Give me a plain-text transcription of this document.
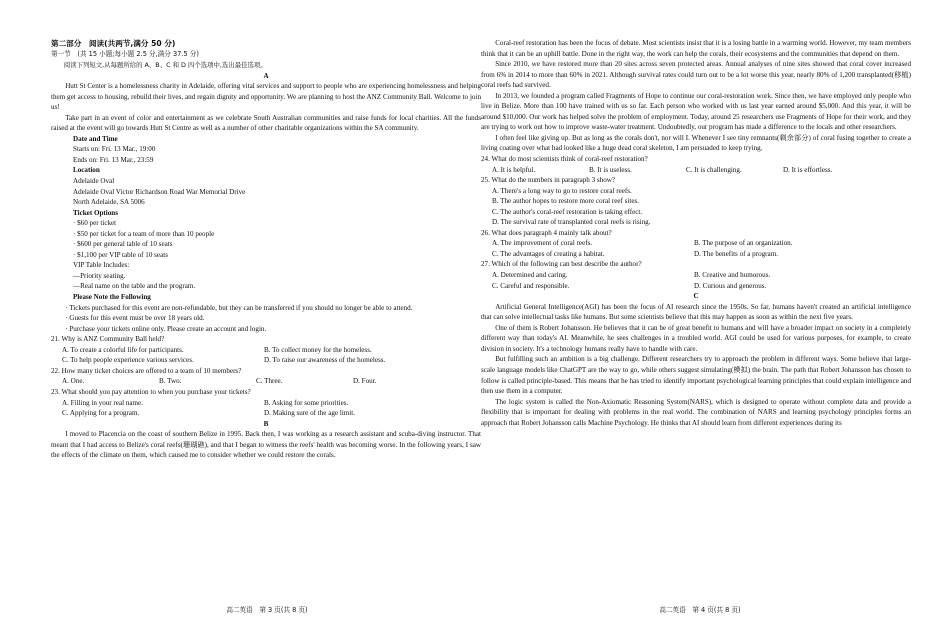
第二部分　阅读(共两节,满分 50 分)
第一节　(共 15 小题;每小题 2.5 分,满分 37.5 分)
阅读下列短文,从每题所给的 A、B、C 和 D 四个选项中,选出最佳选项。
A
Hutt St Center is a homelessness charity in Adelaide, offering vital services and support to people who are experiencing homelessness and helping them get access to housing, rebuild their lives, and regain dignity and opportunity. We are planning to host the ANZ Community Ball. Welcome to join us!
Take part in an event of color and entertainment as we celebrate South Australian communities and raise funds for local charities. All the funds raised at the event will go towards Hutt St Centre as well as a number of other charitable organizations within the SA community.
Date and Time
Starts on: Fri. 13 Mar., 19:00
Ends on: Fri. 13 Mar., 23:59
Location
Adelaide Oval
Adelaide Oval Victor Richardson Road War Memorial Drive
North Adelaide, SA 5006
Ticket Options
· $60 per ticket
· $50 per ticket for a team of more than 10 people
· $600 per general table of 10 seats
· $1,100 per VIP table of 10 seats
VIP Table Includes:
—Priority seating.
—Real name on the table and the program.
Please Note the Following
· Tickets purchased for this event are non-refundable, but they can be transferred if you should no longer be able to attend.
· Guests for this event must be over 18 years old.
· Purchase your tickets online only. Please create an account and login.
21. Why is ANZ Community Ball held?
A. To create a colorful life for participants.	B. To collect money for the homeless.
C. To help people experience various services.	D. To raise our awareness of the homeless.
22. How many ticket choices are offered to a team of 10 members?
A. One.	B. Two.	C. Three.	D. Four.
23. What should you pay attention to when you purchase your tickets?
A. Filling in your real name.	B. Asking for some priorities.
C. Applying for a program.	D. Making sure of the age limit.
B
I moved to Placencia on the coast of southern Belize in 1995. Back then, I was working as a research assistant and scuba-diving instructor. That meant that I had access to Belize's coral reefs(珊瑚礁), and that I began to witness the reefs' health was becoming worse. In the following years, I saw the effects of the climate on them, which caused me to consider whether we could restore the corals.
Coral-reef restoration has been the focus of debate. Most scientists insist that it is a losing battle in a warming world. However, my team members think that it can be an uphill battle. Done in the right way, the work can help the corals, their ecosystems and the communities that depend on them.
Since 2010, we have restored more than 20 sites across seven protected areas. Annual analyses of nine sites showed that coral cover increased from 6% in 2014 to more than 60% in 2021. Although survival rates could turn out to be a lot worse this year, nearly 80% of 1,200 transplanted(移植) coral reefs had survived.
In 2013, we founded a program called Fragments of Hope to continue our coral-restoration work. Since then, we have employed only people who live in Belize. More than 100 have trained with us so far. Each person who worked with us last year earned around $5,000. And this year, it will be around $10,000. Our work has helped solve the problem of employment. Today, around 25 researchers use Fragments of Hope for their work, and they are trying to work out how to improve waste-water treatment. Undoubtedly, our program has made a difference to the locals and other researchers.
I often feel like giving up. But as long as the corals don't, nor will I. Whenever I see tiny remnants(剩余部分) of coral fusing together to create a living coating over what had looked like a huge dead coral skeleton, I am persuaded to keep trying.
24. What do most scientists think of coral-reef restoration?
A. It is helpful.	B. It is useless.	C. It is challenging.	D. It is effortless.
25. What do the numbers in paragraph 3 show?
A. There's a long way to go to restore coral reefs.
B. The author hopes to restore more coral reef sites.
C. The author's coral-reef restoration is taking effect.
D. The survival rate of transplanted coral reefs is rising.
26. What does paragraph 4 mainly talk about?
A. The improvement of coral reefs.	B. The purpose of an organization.
C. The advantages of creating a habitat.	D. The benefits of a program.
27. Which of the following can best describe the author?
A. Determined and caring.	B. Creative and humorous.
C. Careful and responsible.	D. Curious and generous.
C
Artificial General Intelligence(AGI) has been the focus of AI research since the 1950s. So far, humans haven't created an artificial intelligence that can solve intellectual tasks like humans. But some scientists believe that this may happen as soon as within the next five years.
One of them is Robert Johansson. He believes that it can be of great benefit to humans and will have a broader impact on society in a completely different way than today's AI. Meanwhile, he sees challenges in a troubled world. AGI could be used for various purposes, for example, to create division in society. It's a technology humans really have to handle with care.
But fulfilling such an ambition is a big challenge. Different researchers try to approach the problem in different ways. Some believe that large-scale language models like ChatGPT are the way to go, while others suggest simulating(模拟) the brain. The path that Robert Johansson has chosen to follow is called principle-based. This means that he has tried to identify important psychological learning principles that could explain intelligence and then use them in a computer.
The logic system is called the Non-Axiomatic Reasoning System(NARS), which is designed to operate without complete data and provide a flexibility that is important for dealing with problems in the real world. The combination of NARS and learning psychology principles forms an approach that Robert Johansson calls Machine Psychology. He thinks that AI should learn from different experiences during its
高二英语　第 3 页(共 8 页)	高二英语　第 4 页(共 8 页)
